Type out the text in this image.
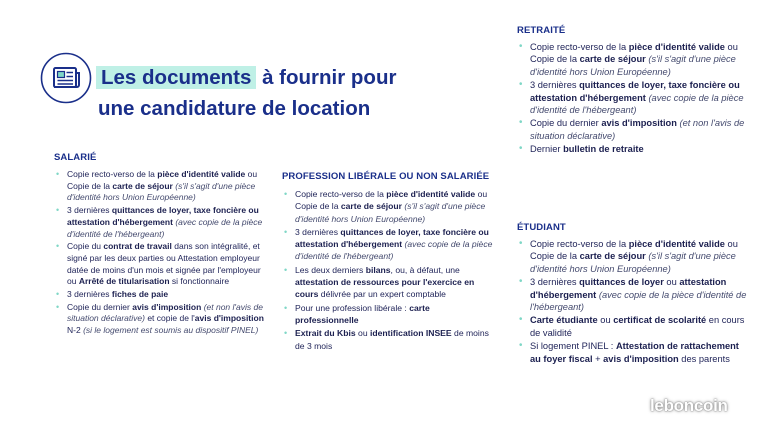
Les documents à fournir pour
une candidature de location
SALARIÉ
• Copie recto-verso de la pièce d'identité valide ou Copie de la carte de séjour (s'il s'agit d'une pièce d'identité hors Union Européenne)
• 3 dernières quittances de loyer, taxe foncière ou attestation d'hébergement (avec copie de la pièce d'identité de l'hébergeant)
• Copie du contrat de travail dans son intégralité, et signé par les deux parties ou Attestation employeur datée de moins d'un mois et signée par l'employeur ou Arrêté de titularisation si fonctionnaire
• 3 dernières fiches de paie
• Copie du dernier avis d'imposition (et non l'avis de situation déclarative) et copie de l'avis d'imposition N-2 (si le logement est soumis au dispositif PINEL)
PROFESSION LIBÉRALE OU NON SALARIÉE
• Copie recto-verso de la pièce d'identité valide ou Copie de la carte de séjour (s'il s'agit d'une pièce d'identité hors Union Européenne)
• 3 dernières quittances de loyer, taxe foncière ou attestation d'hébergement (avec copie de la pièce d'identité de l'hébergeant)
• Les deux derniers bilans, ou, à défaut, une attestation de ressources pour l'exercice en cours délivrée par un expert comptable
• Pour une profession libérale : carte professionnelle
• Extrait du Kbis ou identification INSEE de moins de 3 mois
RETRAITÉ
• Copie recto-verso de la pièce d'identité valide ou Copie de la carte de séjour (s'il s'agit d'une pièce d'identité hors Union Européenne)
• 3 dernières quittances de loyer, taxe foncière ou attestation d'hébergement (avec copie de la pièce d'identité de l'hébergeant)
• Copie du dernier avis d'imposition (et non l'avis de situation déclarative)
• Dernier bulletin de retraite
ÉTUDIANT
• Copie recto-verso de la pièce d'identité valide ou Copie de la carte de séjour (s'il s'agit d'une pièce d'identité hors Union Européenne)
• 3 dernières quittances de loyer ou attestation d'hébergement (avec copie de la pièce d'identité de l'hébergeant)
• Carte étudiante ou certificat de scolarité en cours de validité
• Si logement PINEL : Attestation de rattachement au foyer fiscal + avis d'imposition des parents
leboncoin
